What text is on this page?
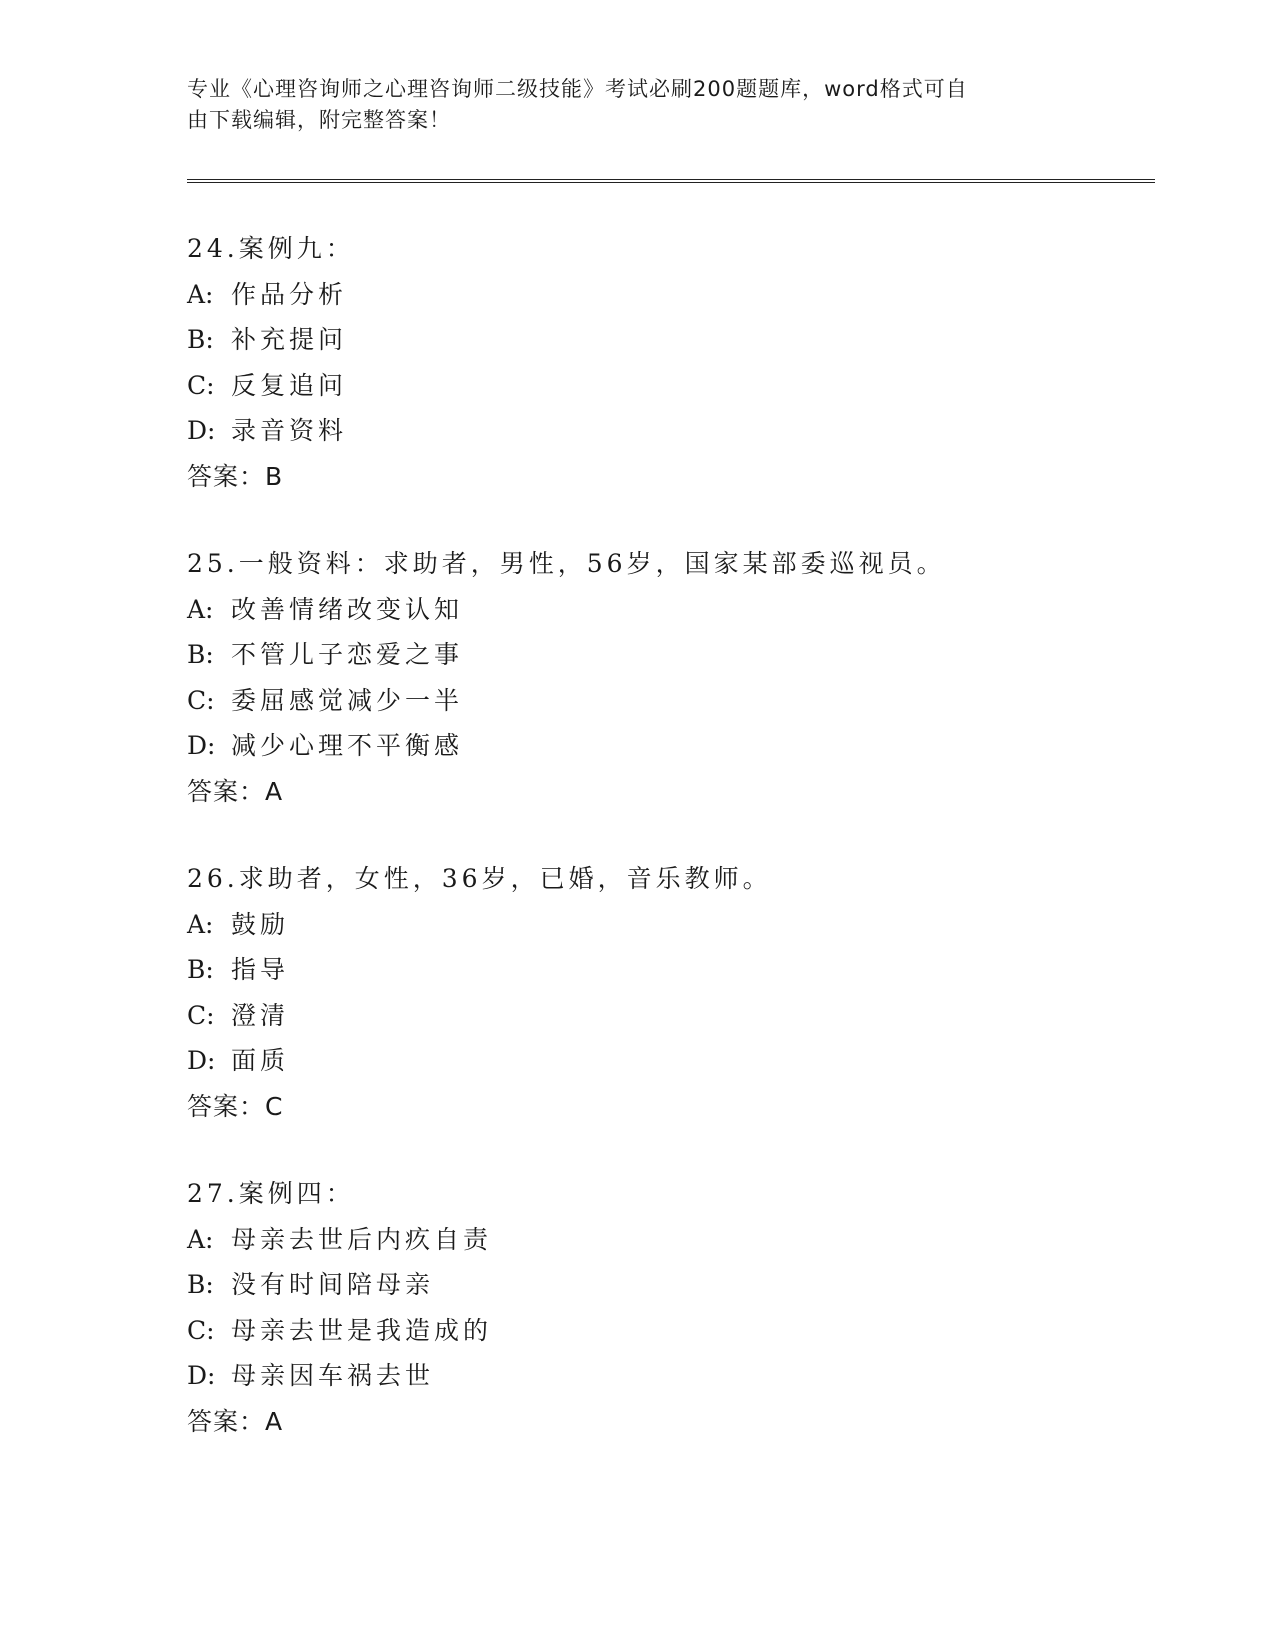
专业《心理咨询师之心理咨询师二级技能》考试必刷200题题库，word格式可自
由下载编辑，附完整答案！

24.案例九：

A: 作品分析

B: 补充提问

C: 反复追问

D: 录音资料

答案：B

25.一般资料：求助者，男性，56岁，国家某部委巡视员。

A: 改善情绪改变认知

B: 不管儿子恋爱之事

C: 委屈感觉减少一半

D: 减少心理不平衡感

答案：A

26.求助者，女性，36岁，已婚，音乐教师。

A: 鼓励

B: 指导

C: 澄清

D: 面质

答案：C

27.案例四：

A: 母亲去世后内疚自责

B: 没有时间陪母亲

C: 母亲去世是我造成的

D: 母亲因车祸去世

答案：A
